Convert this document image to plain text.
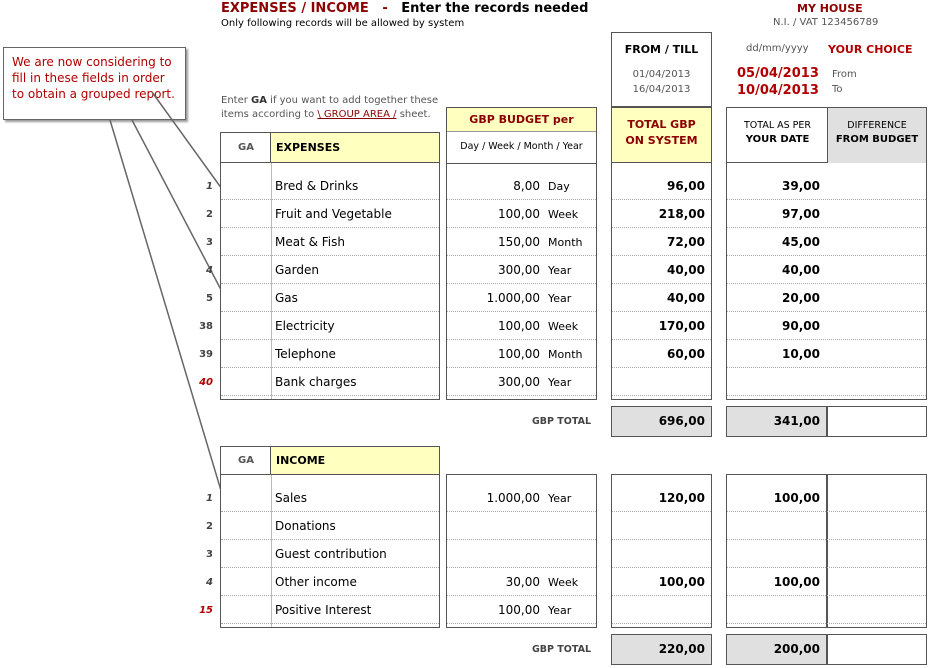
EXPENSES / INCOME - Enter the records needed
Only following records will be allowed by system
MY HOUSE
N.I. / VAT 123456789
We are now considering to fill in these fields in order to obtain a grouped report.	Enter GA if you want to add together these
items according to \ GROUP AREA / sheet.
FROM / TILL
01/04/2013
16/04/2013
dd/mm/yyyy YOUR CHOICE
05/04/2013 From
10/04/2013 To
GA	EXPENSES
GBP BUDGET per
Day / Week / Month / Year
TOTAL GBP
ON SYSTEM
TOTAL AS PER
YOUR DATE
DIFFERENCE
FROM BUDGET
1	Bred & Drinks	8,00 Day	96,00	39,00
2	Fruit and Vegetable	100,00 Week	218,00	97,00
3	Meat & Fish	150,00 Month	72,00	45,00
4	Garden	300,00 Year	40,00	40,00
5	Gas	1.000,00 Year	40,00	20,00
38	Electricity	100,00 Week	170,00	90,00
39	Telephone	100,00 Month	60,00	10,00
40	Bank charges	300,00 Year
GBP TOTAL	696,00	341,00
GA	INCOME
1	Sales	1.000,00 Year	120,00	100,00
2	Donations
3	Guest contribution
4	Other income	30,00 Week	100,00	100,00
15	Positive Interest	100,00 Year
GBP TOTAL	220,00	200,00
